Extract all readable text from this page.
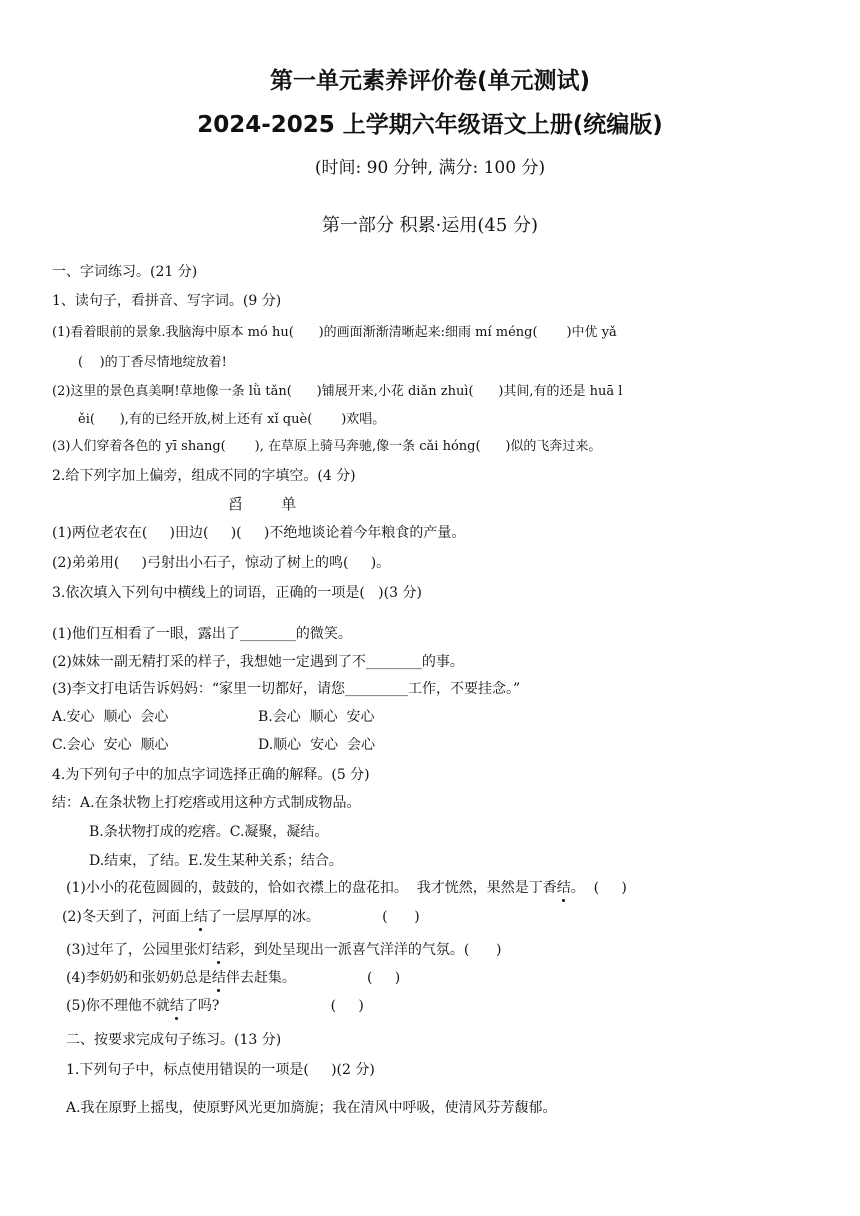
第一单元素养评价卷(单元测试)
2024-2025 上学期六年级语文上册(统编版)
(时间: 90 分钟, 满分: 100 分)
第一部分 积累·运用(45 分)
一、字词练习。(21 分)
1、读句子，看拼音、写字词。(9 分)
(1)看着眼前的景象.我脑海中原本 mó hu(      )的画面渐渐清晰起来:细雨 mí méng(       )中优 yǎ
(    )的丁香尽情地绽放着!
(2)这里的景色真美啊!草地像一条 lǜ tǎn(      )铺展开来,小花 diǎn zhuì(      )其间,有的还是 huā l
ěi(      ),有的已经开放,树上还有 xǐ què(       )欢唱。
(3)人们穿着各色的 yī shang(       ), 在草原上骑马奔驰,像一条 cǎi hóng(      )似的飞奔过来。
2.给下列字加上偏旁，组成不同的字填空。(4 分)
舀        单
(1)两位老农在(     )田边(     )(     )不绝地谈论着今年粮食的产量。
(2)弟弟用(     )弓射出小石子，惊动了树上的鸣(     )。
3.依次填入下列句中横线上的词语，正确的一项是(   )(3 分)
(1)他们互相看了一眼，露出了________的微笑。
(2)妹妹一副无精打采的样子，我想她一定遇到了不________的事。
(3)李文打电话告诉妈妈：“家里一切都好，请您_________工作，不要挂念。”
A.安心  顺心  会心	B.会心  顺心  安心
C.会心  安心  顺心	D.顺心  安心  会心
4.为下列句子中的加点字词选择正确的解释。(5 分)
结：A.在条状物上打疙瘩或用这种方式制成物品。
B.条状物打成的疙瘩。C.凝聚，凝结。
D.结束，了结。E.发生某种关系；结合。
(1)小小的花苞圆圆的，鼓鼓的，恰如衣襟上的盘花扣。  我才恍然，果然是丁香结。  (     )
(2)冬天到了，河面上结了一层厚厚的冰。              (      )
(3)过年了，公园里张灯结彩，到处呈现出一派喜气洋洋的气氛。(      )
(4)李奶奶和张奶奶总是结伴去赶集。                (     )
(5)你不理他不就结了吗?                         (     )
二、按要求完成句子练习。(13 分)
1.下列句子中，标点使用错误的一项是(     )(2 分)
A.我在原野上摇曳，使原野风光更加旖旎；我在清风中呼吸，使清风芬芳馥郁。
